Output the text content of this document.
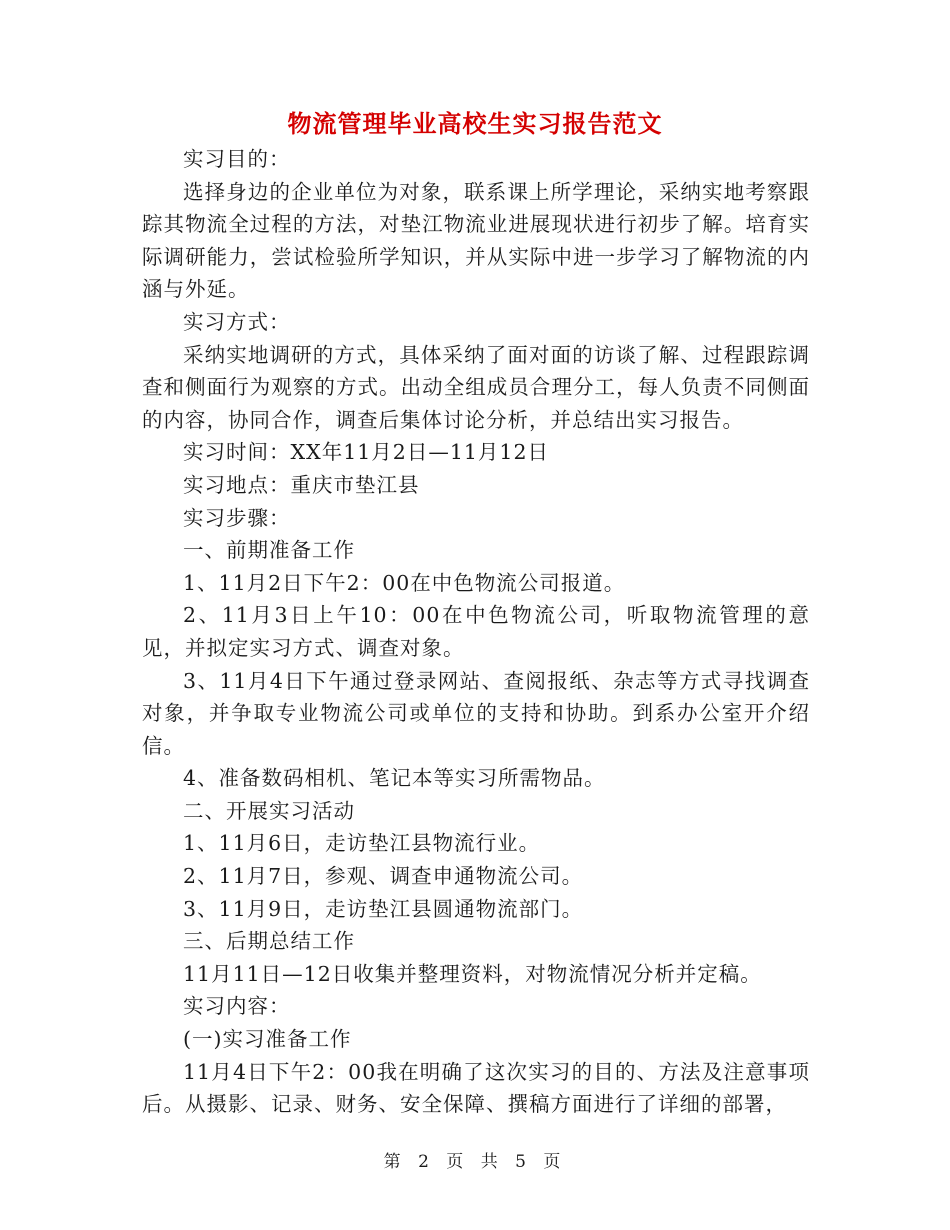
物流管理毕业高校生实习报告范文

实习目的：

选择身边的企业单位为对象，联系课上所学理论，采纳实地考察跟踪其物流全过程的方法，对垫江物流业进展现状进行初步了解。培育实际调研能力，尝试检验所学知识，并从实际中进一步学习了解物流的内涵与外延。

实习方式：

采纳实地调研的方式，具体采纳了面对面的访谈了解、过程跟踪调查和侧面行为观察的方式。出动全组成员合理分工，每人负责不同侧面的内容，协同合作，调查后集体讨论分析，并总结出实习报告。

实习时间：XX年11月2日—11月12日

实习地点：重庆市垫江县

实习步骤：

一、前期准备工作

1、11月2日下午2：00在中色物流公司报道。

2、11月3日上午10：00在中色物流公司，听取物流管理的意见，并拟定实习方式、调查对象。

3、11月4日下午通过登录网站、查阅报纸、杂志等方式寻找调查对象，并争取专业物流公司或单位的支持和协助。到系办公室开介绍信。

4、准备数码相机、笔记本等实习所需物品。

二、开展实习活动

1、11月6日，走访垫江县物流行业。

2、11月7日，参观、调查申通物流公司。

3、11月9日，走访垫江县圆通物流部门。

三、后期总结工作

11月11日—12日收集并整理资料，对物流情况分析并定稿。

实习内容：

(一)实习准备工作

11月4日下午2：00我在明确了这次实习的目的、方法及注意事项后。从摄影、记录、财务、安全保障、撰稿方面进行了详细的部署，

第 2 页 共 5 页
